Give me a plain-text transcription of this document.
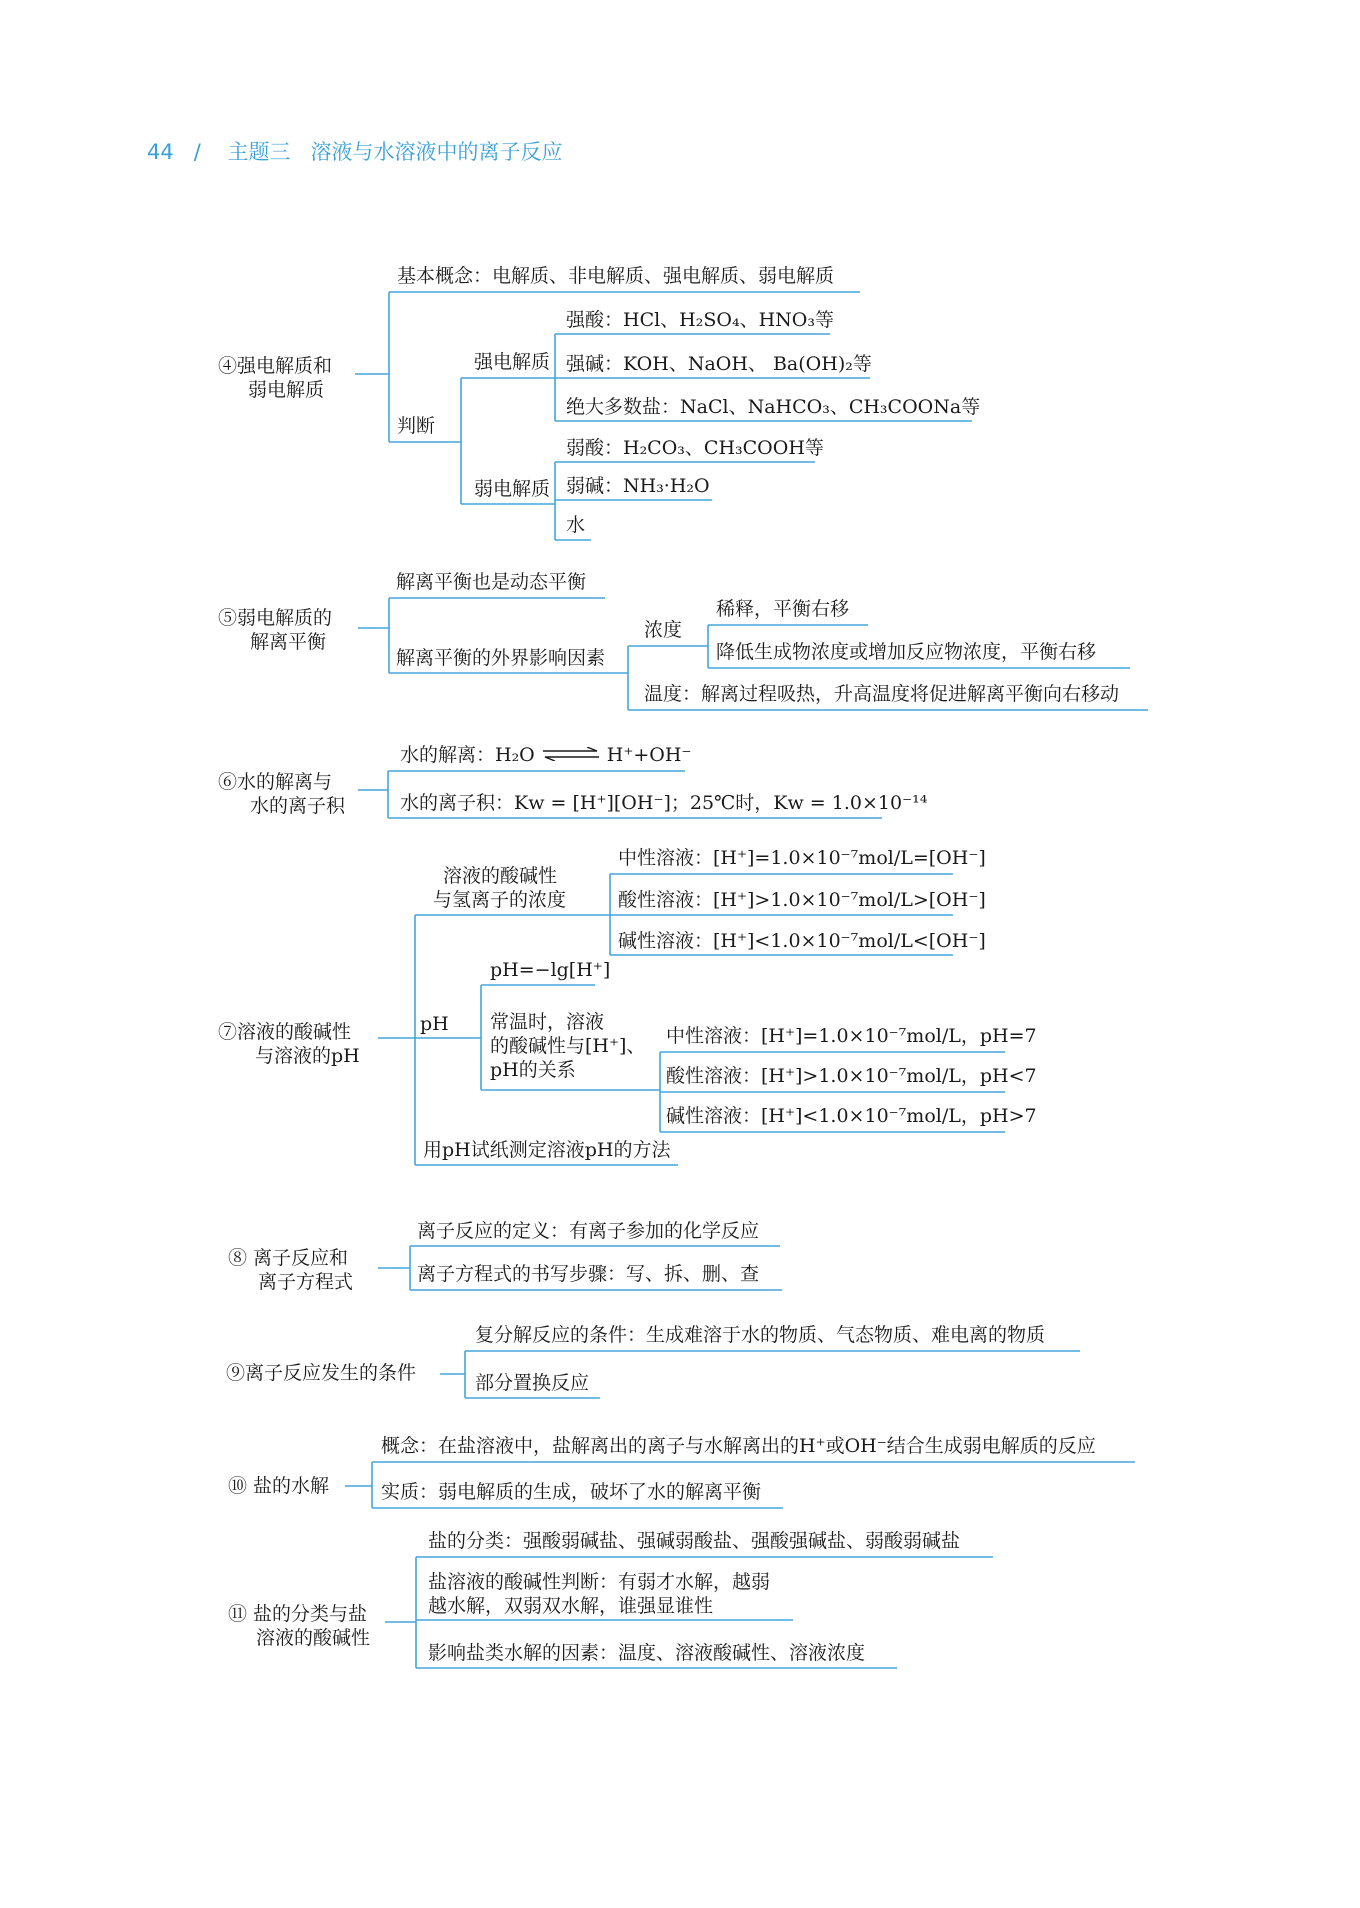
44 / 主题三 溶液与水溶液中的离子反应
④强电解质和
弱电解质
基本概念：电解质、非电解质、强电解质、弱电解质
判断
强电解质
弱电解质
强酸：HCl、H₂SO₄、HNO₃等
强碱：KOH、NaOH、 Ba(OH)₂等
绝大多数盐：NaCl、NaHCO₃、CH₃COONa等
弱酸：H₂CO₃、CH₃COOH等
弱碱：NH₃·H₂O
水
⑤弱电解质的
解离平衡
解离平衡也是动态平衡
解离平衡的外界影响因素
浓度
稀释，平衡右移
降低生成物浓度或增加反应物浓度，平衡右移
温度：解离过程吸热，升高温度将促进解离平衡向右移动
⑥水的解离与
水的离子积
水的解离：H₂O ⇌ H⁺+OH⁻
水的离子积：Kw = [H⁺][OH⁻]；25℃时，Kw = 1.0×10⁻¹⁴
⑦溶液的酸碱性
与溶液的pH
溶液的酸碱性
与氢离子的浓度
中性溶液：[H⁺]=1.0×10⁻⁷mol/L=[OH⁻]
酸性溶液：[H⁺]>1.0×10⁻⁷mol/L>[OH⁻]
碱性溶液：[H⁺]<1.0×10⁻⁷mol/L<[OH⁻]
pH
pH=−lg[H⁺]
常温时，溶液
的酸碱性与[H⁺]、
pH的关系
中性溶液：[H⁺]=1.0×10⁻⁷mol/L，pH=7
酸性溶液：[H⁺]>1.0×10⁻⁷mol/L，pH<7
碱性溶液：[H⁺]<1.0×10⁻⁷mol/L，pH>7
用pH试纸测定溶液pH的方法
⑧ 离子反应和
离子方程式
离子反应的定义：有离子参加的化学反应
离子方程式的书写步骤：写、拆、删、查
⑨离子反应发生的条件
复分解反应的条件：生成难溶于水的物质、气态物质、难电离的物质
部分置换反应
⑩ 盐的水解
概念：在盐溶液中，盐解离出的离子与水解离出的H⁺或OH⁻结合生成弱电解质的反应
实质：弱电解质的生成，破坏了水的解离平衡
⑪ 盐的分类与盐
溶液的酸碱性
盐的分类：强酸弱碱盐、强碱弱酸盐、强酸强碱盐、弱酸弱碱盐
盐溶液的酸碱性判断：有弱才水解，越弱
越水解，双弱双水解，谁强显谁性
影响盐类水解的因素：温度、溶液酸碱性、溶液浓度
